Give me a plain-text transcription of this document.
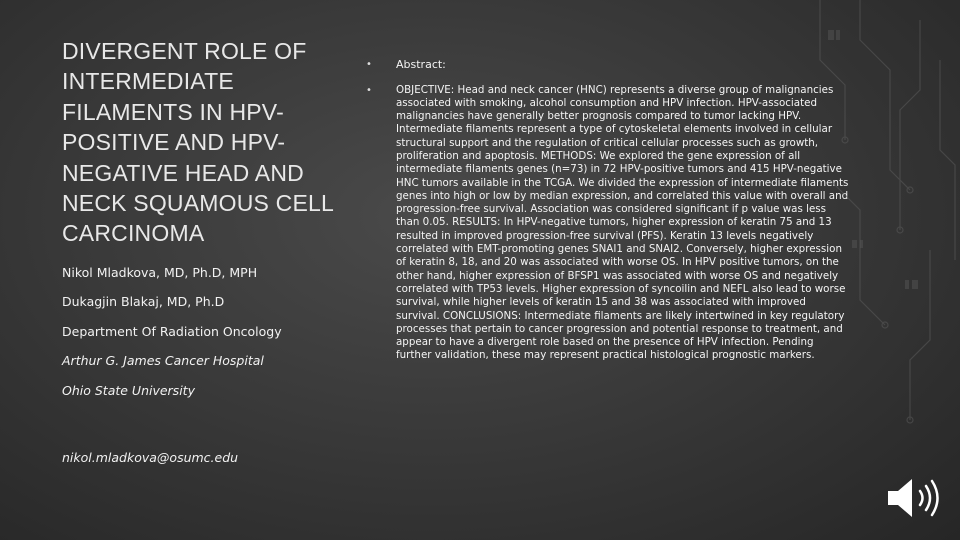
DIVERGENT ROLE OF INTERMEDIATE FILAMENTS IN HPV-POSITIVE AND HPV-NEGATIVE HEAD AND NECK SQUAMOUS CELL CARCINOMA
Nikol Mladkova, MD, Ph.D, MPH
Dukagjin Blakaj, MD, Ph.D
Department Of Radiation Oncology
Arthur G. James Cancer Hospital
Ohio State University
nikol.mladkova@osumc.edu
•	Abstract:
•	OBJECTIVE: Head and neck cancer (HNC) represents a diverse group of malignancies associated with smoking, alcohol consumption and HPV infection. HPV-associated malignancies have generally better prognosis compared to tumor lacking HPV. Intermediate filaments represent a type of cytoskeletal elements involved in cellular structural support and the regulation of critical cellular processes such as growth, proliferation and apoptosis. METHODS: We explored the gene expression of all intermediate filaments genes (n=73) in 72 HPV-positive tumors and 415 HPV-negative HNC tumors available in the TCGA. We divided the expression of intermediate filaments genes into high or low by median expression, and correlated this value with overall and progression-free survival. Association was considered significant if p value was less than 0.05. RESULTS: In HPV-negative tumors, higher expression of keratin 75 and 13 resulted in improved progression-free survival (PFS). Keratin 13 levels negatively correlated with EMT-promoting genes SNAI1 and SNAI2. Conversely, higher expression of keratin 8, 18, and 20 was associated with worse OS. In HPV positive tumors, on the other hand, higher expression of BFSP1 was associated with worse OS and negatively correlated with TP53 levels. Higher expression of syncoilin and NEFL also lead to worse survival, while higher levels of keratin 15 and 38 was associated with improved survival. CONCLUSIONS: Intermediate filaments are likely intertwined in key regulatory processes that pertain to cancer progression and potential response to treatment, and appear to have a divergent role based on the presence of HPV infection. Pending further validation, these may represent practical histological prognostic markers.
